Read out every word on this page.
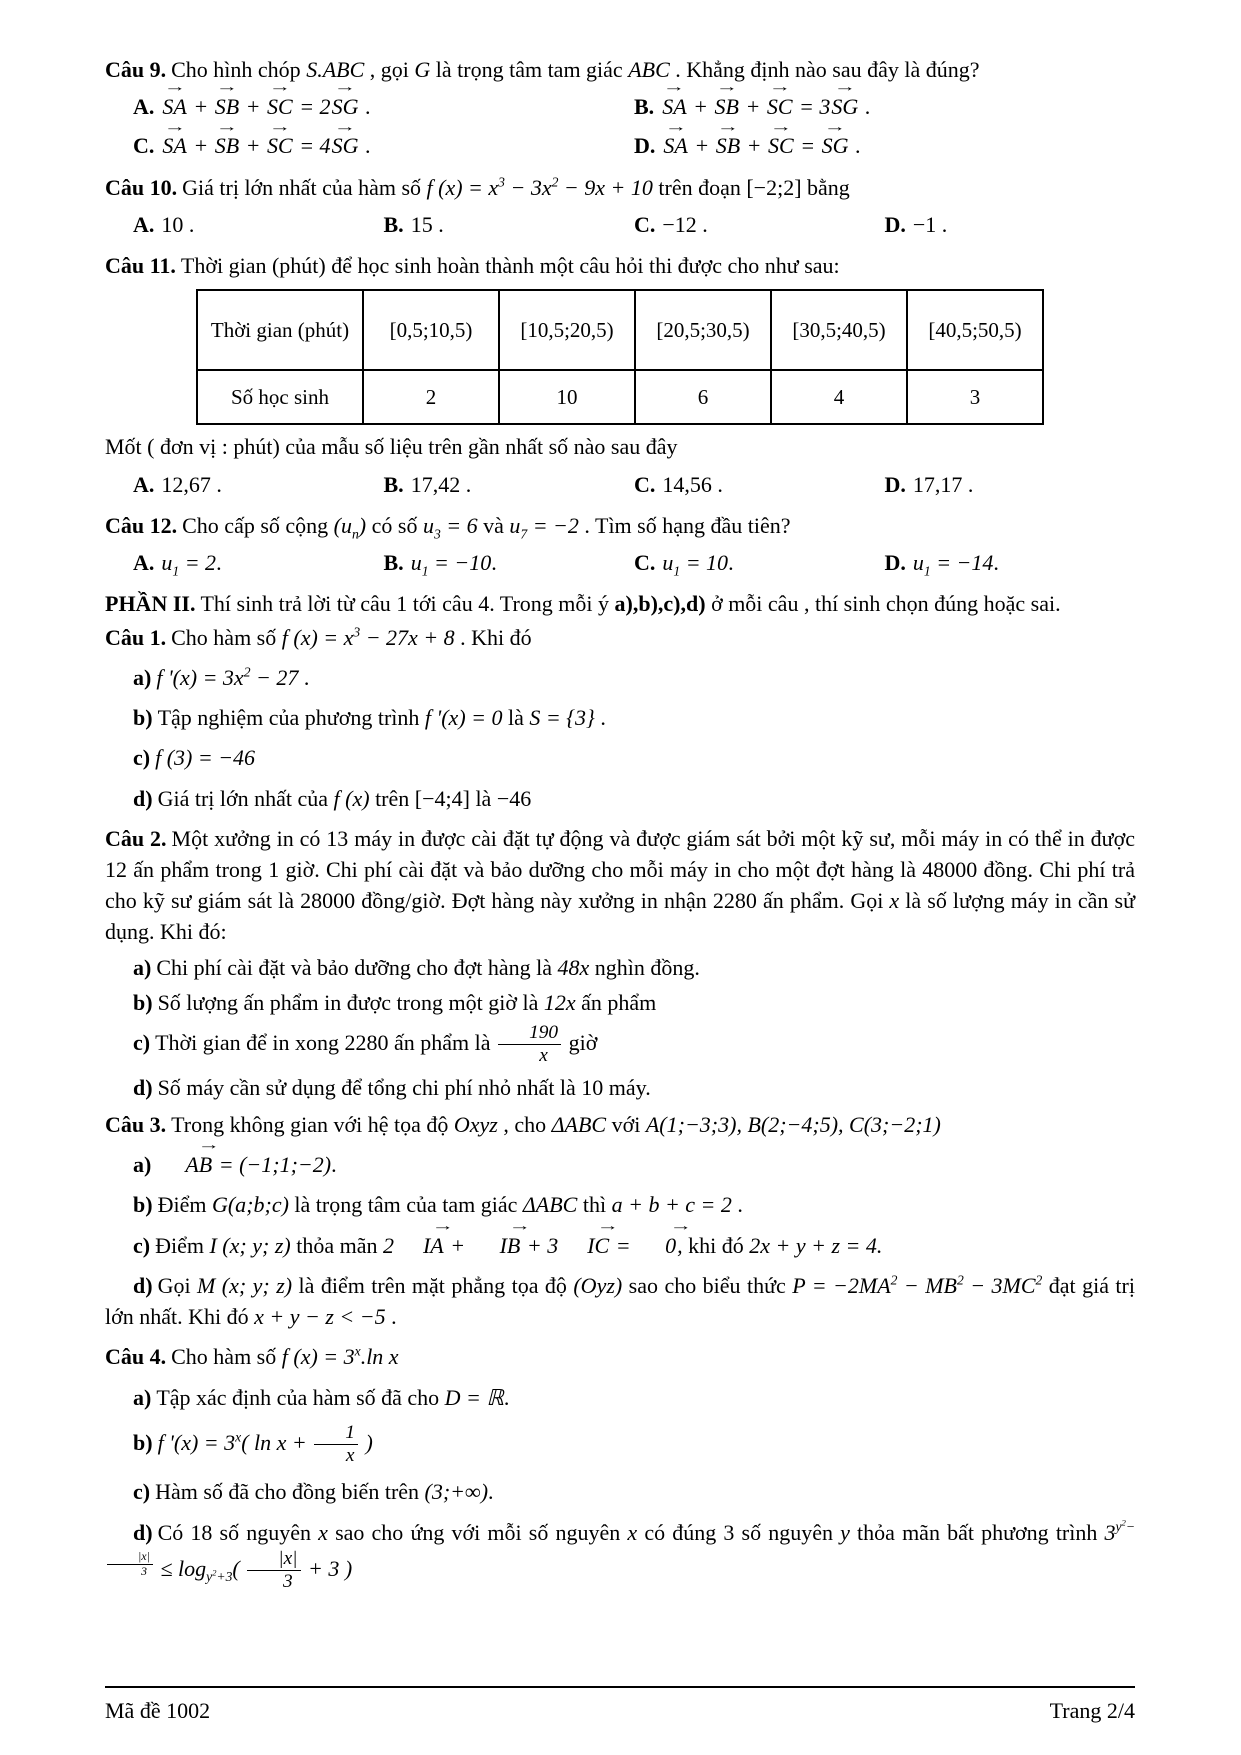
Câu 9. Cho hình chóp S.ABC , gọi G là trọng tâm tam giác ABC . Khẳng định nào sau đây là đúng?

A.
→
SA +
→
SB +
→
SC = 2
→
SG .	B.
→
SA +
→
SB +
→
SC = 3
→
SG .
C.
→
SA +
→
SB +
→
SC = 4
→
SG .	D.
→
SA +
→
SB +
→
SC =
→
SG .

Câu 10. Giá trị lớn nhất của hàm số f $(x) = x^3 - 3x^2 - 9x + 10$ trên đoạn [−2;2] bằng

A. 10 .	B. 15 .	C. −12 .	D. −1 .

Câu 11. Thời gian (phút) để học sinh hoàn thành một câu hỏi thi được cho như sau:

Thời gian (phút)	[0,5;10,5)	[10,5;20,5)	[20,5;30,5)	[30,5;40,5)	[40,5;50,5)
Số học sinh	2	10	6	4	3

Mốt ( đơn vị : phút) của mẫu số liệu trên gần nhất số nào sau đây

A. 12,67 .	B. 17,42 .	C. 14,56 .	D. 17,17 .

Câu 12. Cho cấp số cộng $(u_n)$ có số $u_3 = 6$ và $u_7 = -2$ . Tìm số hạng đầu tiên?

A. $u_1 = 2$.	B. $u_1 = -10$.	C. $u_1 = 10$.	D. $u_1 = -14$.

PHẦN II. Thí sinh trả lời từ câu 1 tới câu 4. Trong mỗi ý a),b),c),d) ở mỗi câu , thí sinh chọn đúng hoặc sai.

Câu 1. Cho hàm số f $(x) = x^3 - 27x + 8$ . Khi đó

a) f '$(x) = 3x^2 - 27$ .

b) Tập nghiệm của phương trình f '(x) = 0 là S = {3} .

c) f (3) = −46

d) Giá trị lớn nhất của f (x) trên [−4;4] là −46

Câu 2. Một xưởng in có 13 máy in được cài đặt tự động và được giám sát bởi một kỹ sư, mỗi máy in có thể in được 12 ấn phẩm trong 1 giờ. Chi phí cài đặt và bảo dưỡng cho mỗi máy in cho một đợt hàng là 48000 đồng. Chi phí trả cho kỹ sư giám sát là 28000 đồng/giờ. Đợt hàng này xưởng in nhận 2280 ấn phẩm. Gọi x là số lượng máy in cần sử dụng. Khi đó:

a) Chi phí cài đặt và bảo dưỡng cho đợt hàng là 48x nghìn đồng.

b) Số lượng ấn phẩm in được trong một giờ là 12x ấn phẩm

c) Thời gian để in xong 2280 ấn phẩm là $\frac{190}{x}$ giờ

d) Số máy cần sử dụng để tổng chi phí nhỏ nhất là 10 máy.

Câu 3. Trong không gian với hệ tọa độ Oxyz , cho ΔABC với A(1;−3;3), B(2;−4;5), C(3;−2;1)

a)
→
AB = (−1;1;−2).

b) Điểm G(a;b;c) là trọng tâm của tam giác ΔABC thì a + b + c = 2 .

c) Điểm I (x; y; z) thỏa mãn 2
→
IA +
→
IB + 3
→
IC =
→
0, khi đó 2x + y + z = 4.

d) Gọi M (x; y; z) là điểm trên mặt phẳng tọa độ (Oyz) sao cho biểu thức $P = -2MA^2 - MB^2 - 3MC^2$ đạt giá trị lớn nhất. Khi đó x + y − z < −5 .

Câu 4. Cho hàm số f $(x) = 3^x.\ln$ x

a) Tập xác định của hàm số đã cho D = ℝ.

b) f '$(x) = 3^x$( $\ln x + \frac{1}{x}$ )

c) Hàm số đã cho đồng biến trên (3;+∞).

d) Có 18 số nguyên x sao cho ứng với mỗi số nguyên x có đúng 3 số nguyên y thỏa mãn bất phương trình $3^{y^2- \frac{|x|}{3}} \le \log_{y^2+3}( \frac{|x|}{3} + 3$ )

Mã đề 1002	Trang 2/4
